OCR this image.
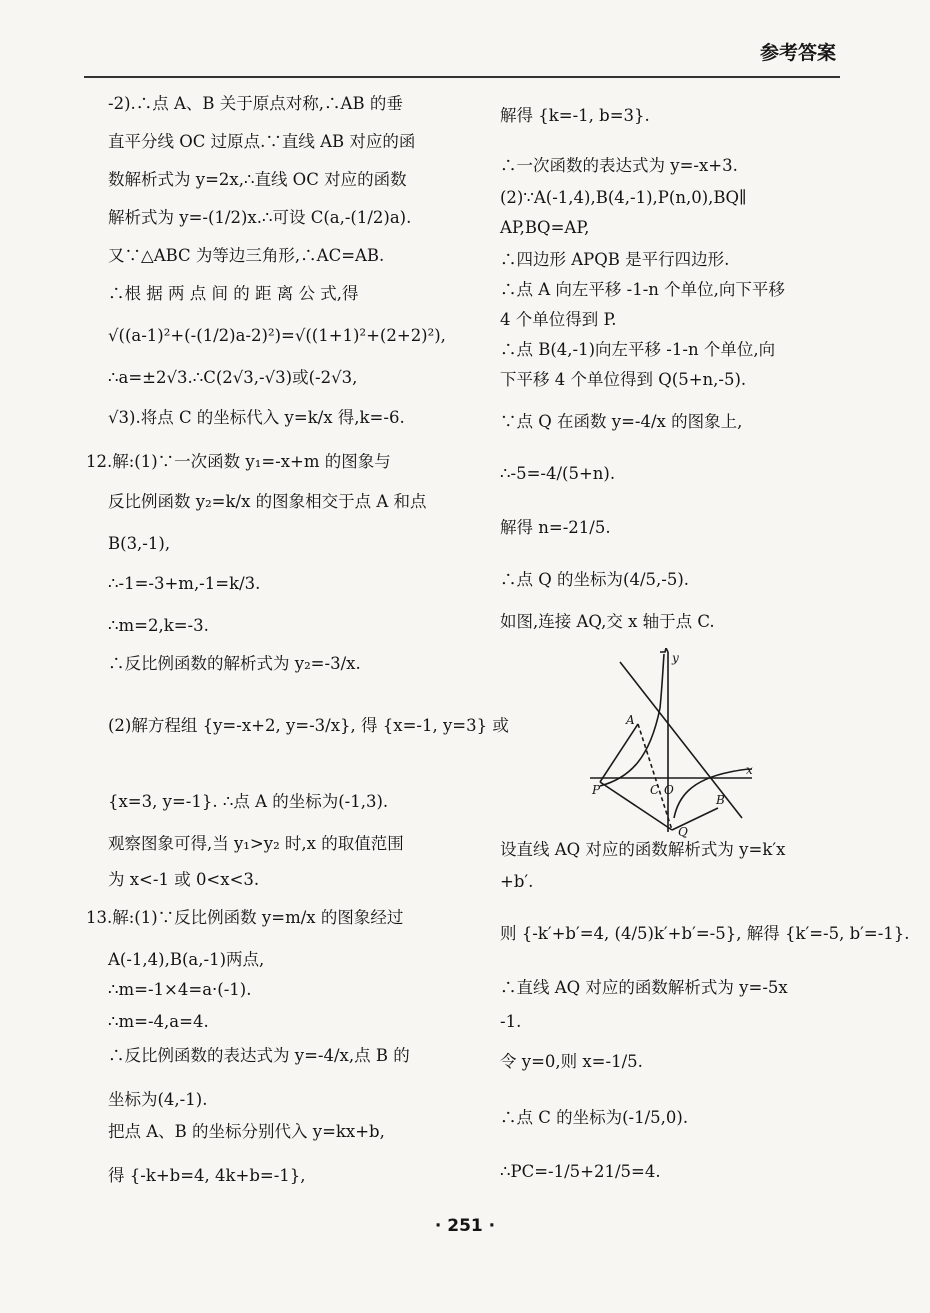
参考答案
-2).∴点 A、B 关于原点对称,∴AB 的垂
直平分线 OC 过原点.∵直线 AB 对应的函
数解析式为 y=2x,∴直线 OC 对应的函数
解析式为 y=-(1/2)x.∴可设 C(a,-(1/2)a).
又∵△ABC 为等边三角形,∴AC=AB.
∴根 据 两 点 间 的 距 离 公 式,得
√((a-1)²+(-(1/2)a-2)²)=√((1+1)²+(2+2)²),
∴a=±2√3.∴C(2√3,-√3)或(-2√3,
√3).将点 C 的坐标代入 y=k/x 得,k=-6.
12.解:(1)∵一次函数 y₁=-x+m 的图象与
反比例函数 y₂=k/x 的图象相交于点 A 和点
B(3,-1),
∴-1=-3+m,-1=k/3.
∴m=2,k=-3.
∴反比例函数的解析式为 y₂=-3/x.
(2)解方程组 {y=-x+2, y=-3/x}, 得 {x=-1, y=3} 或
{x=3, y=-1}. ∴点 A 的坐标为(-1,3).
观察图象可得,当 y₁>y₂ 时,x 的取值范围
为 x<-1 或 0<x<3.
13.解:(1)∵反比例函数 y=m/x 的图象经过
A(-1,4),B(a,-1)两点,
∴m=-1×4=a·(-1).
∴m=-4,a=4.
∴反比例函数的表达式为 y=-4/x,点 B 的
坐标为(4,-1).
把点 A、B 的坐标分别代入 y=kx+b,
得 {-k+b=4, 4k+b=-1},
解得 {k=-1, b=3}.
∴一次函数的表达式为 y=-x+3.
(2)∵A(-1,4),B(4,-1),P(n,0),BQ∥
AP,BQ=AP,
∴四边形 APQB 是平行四边形.
∴点 A 向左平移 -1-n 个单位,向下平移
4 个单位得到 P.
∴点 B(4,-1)向左平移 -1-n 个单位,向
下平移 4 个单位得到 Q(5+n,-5).
∵点 Q 在函数 y=-4/x 的图象上,
∴-5=-4/(5+n).
解得 n=-21/5.
∴点 Q 的坐标为(4/5,-5).
如图,连接 AQ,交 x 轴于点 C.
y
x
A
P	C O
B
Q
设直线 AQ 对应的函数解析式为 y=k′x
+b′.
则 {-k′+b′=4, (4/5)k′+b′=-5}, 解得 {k′=-5, b′=-1}.
∴直线 AQ 对应的函数解析式为 y=-5x
-1.
令 y=0,则 x=-1/5.
∴点 C 的坐标为(-1/5,0).
∴PC=-1/5+21/5=4.
· 251 ·
